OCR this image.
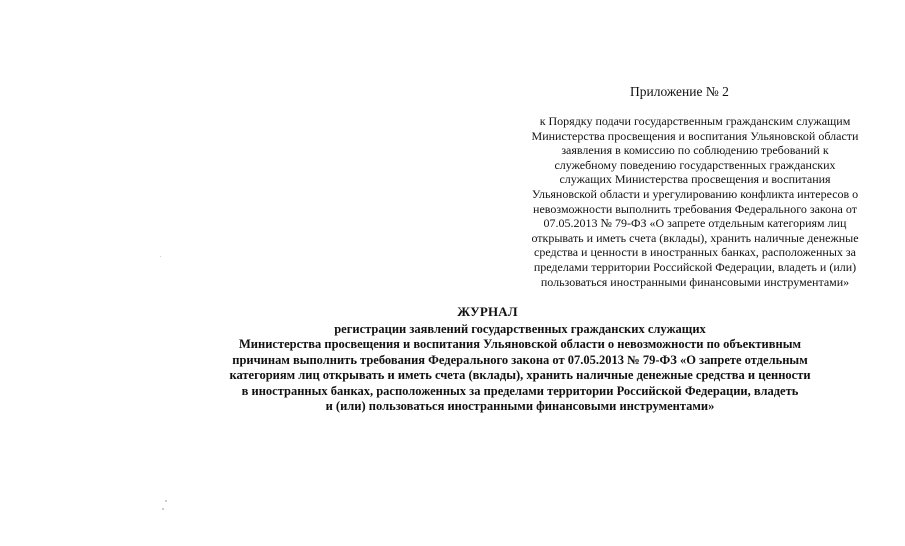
Приложение № 2
к Порядку подачи государственным гражданским служащим
Министерства просвещения и воспитания Ульяновской области
заявления в комиссию по соблюдению требований к
служебному поведению государственных гражданских
служащих Министерства просвещения и воспитания
Ульяновской области и урегулированию конфликта интересов о
невозможности выполнить требования Федерального закона от
07.05.2013 № 79-ФЗ «О запрете отдельным категориям лиц
открывать и иметь счета (вклады), хранить наличные денежные
средства и ценности в иностранных банках, расположенных за
пределами территории Российской Федерации, владеть и (или)
пользоваться иностранными финансовыми инструментами»
ЖУРНАЛ
регистрации заявлений государственных гражданских служащих
Министерства просвещения и воспитания Ульяновской области о невозможности по объективным
причинам выполнить требования Федерального закона от 07.05.2013 № 79-ФЗ «О запрете отдельным
категориям лиц открывать и иметь счета (вклады), хранить наличные денежные средства и ценности
в иностранных банках, расположенных за пределами территории Российской Федерации, владеть
и (или) пользоваться иностранными финансовыми инструментами»
